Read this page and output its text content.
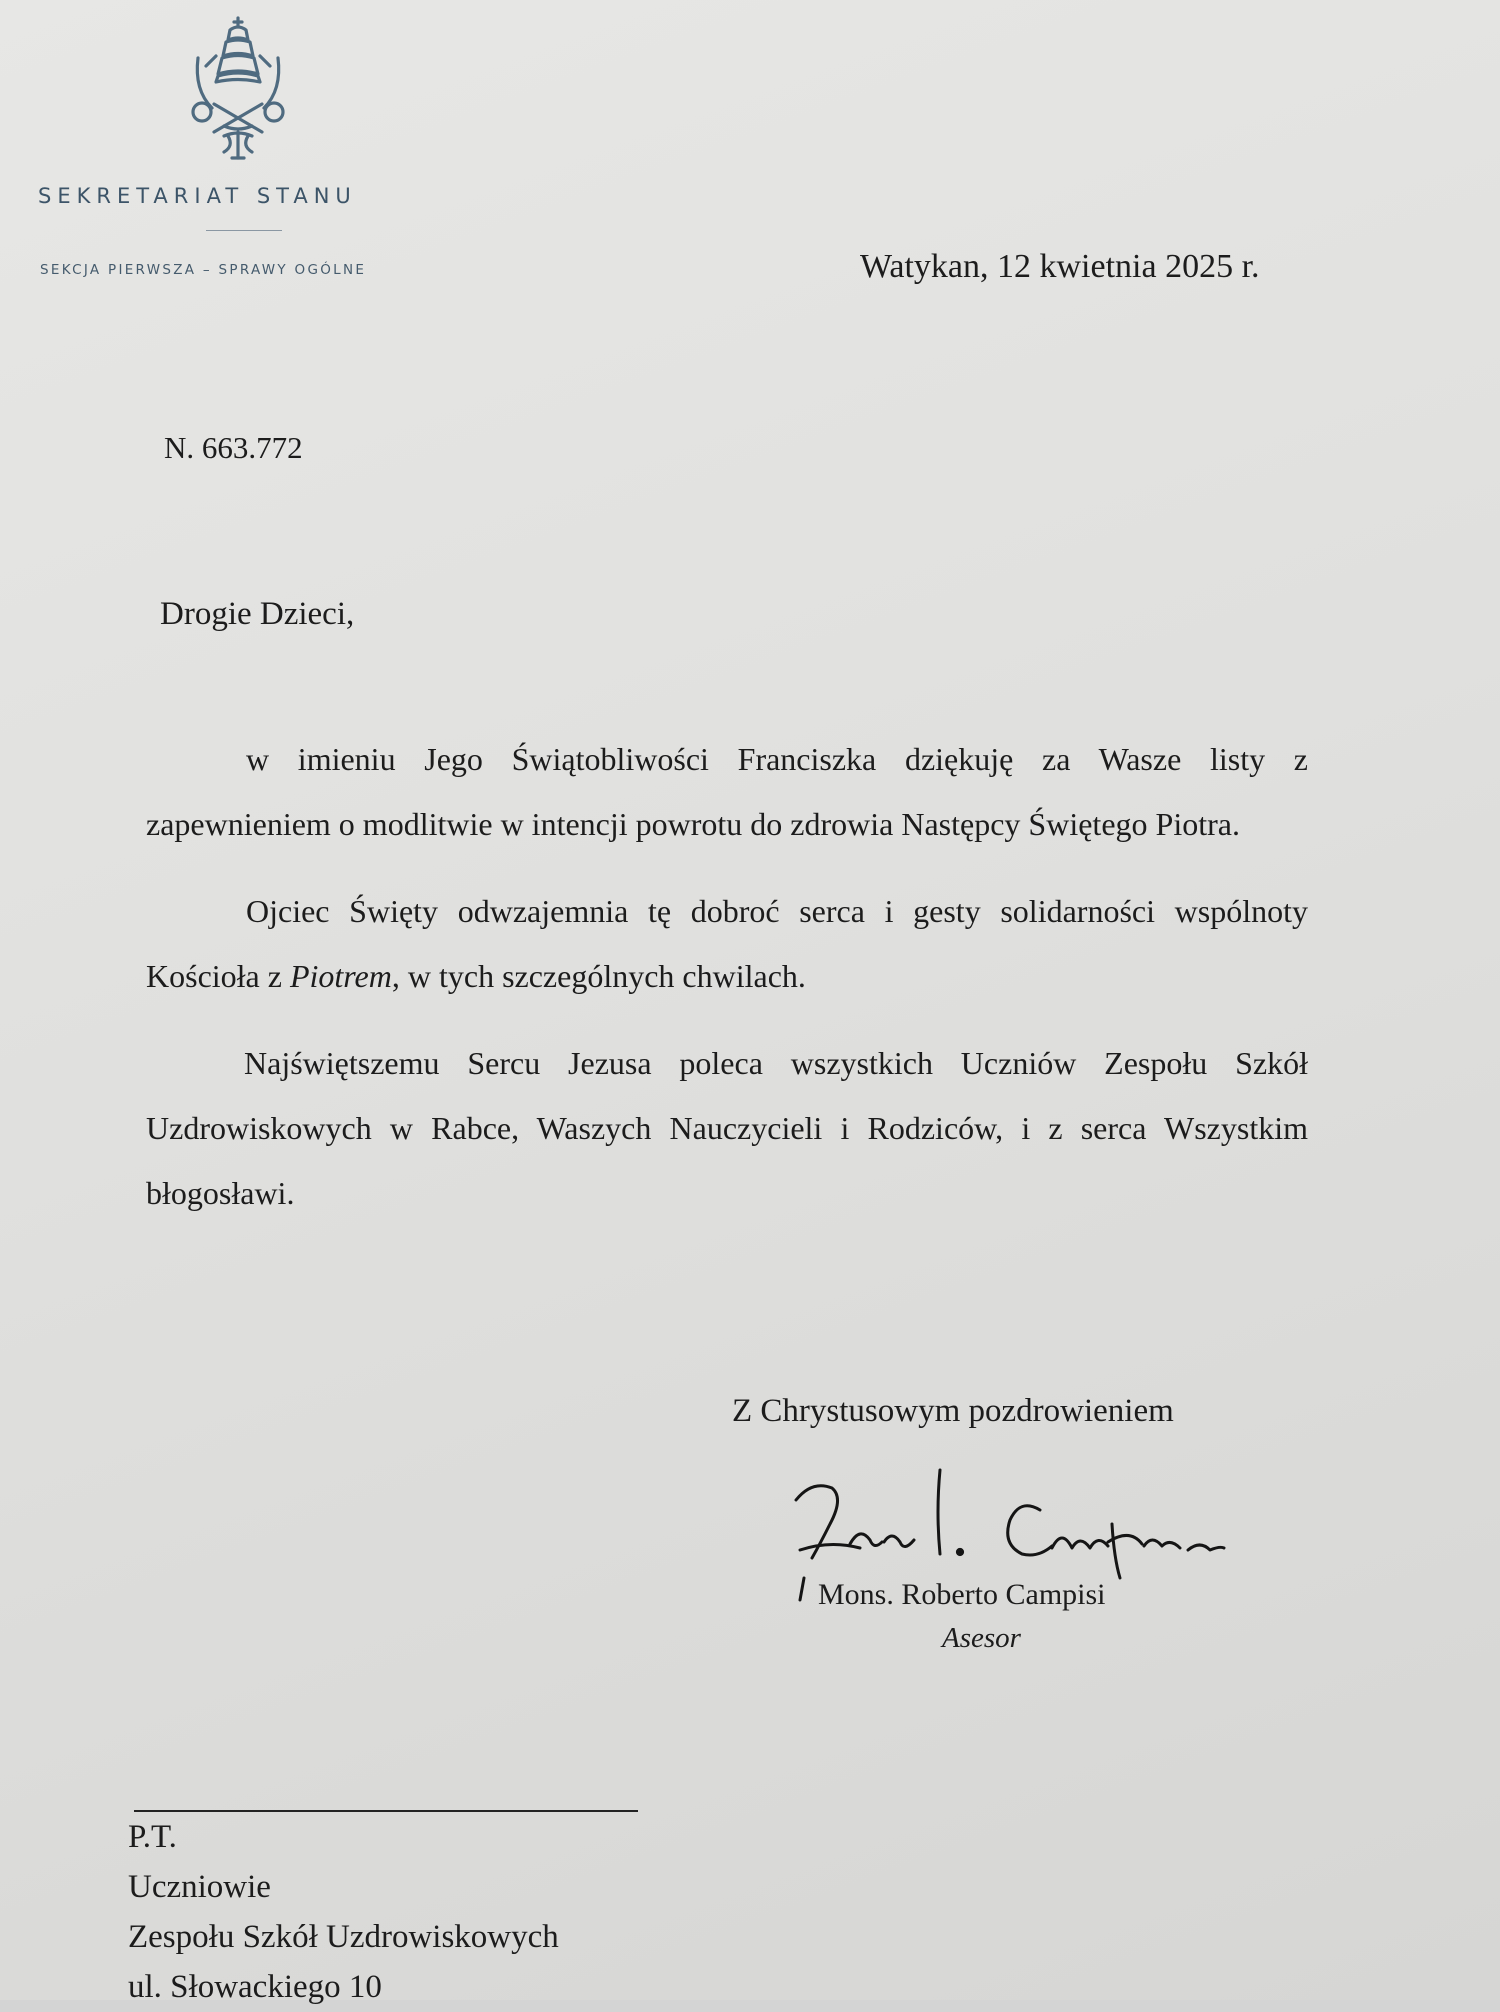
SEKRETARIAT STANU
SEKCJA PIERWSZA – SPRAWY OGÓLNE	Watykan, 12 kwietnia 2025 r.
N. 663.772
Drogie Dzieci,

w imieniu Jego Świątobliwości Franciszka dziękuję za Wasze listy z zapewnieniem o modlitwie w intencji powrotu do zdrowia Następcy Świętego Piotra.

Ojciec Święty odwzajemnia tę dobroć serca i gesty solidarności wspólnoty Kościoła z Piotrem, w tych szczególnych chwilach.

Najświętszemu Sercu Jezusa poleca wszystkich Uczniów Zespołu Szkół Uzdrowiskowych w Rabce, Waszych Nauczycieli i Rodziców, i z serca Wszystkim błogosławi.

Z Chrystusowym pozdrowieniem
Mons. Roberto Campisi
Asesor
P.T.
Uczniowie
Zespołu Szkół Uzdrowiskowych
ul. Słowackiego 10
